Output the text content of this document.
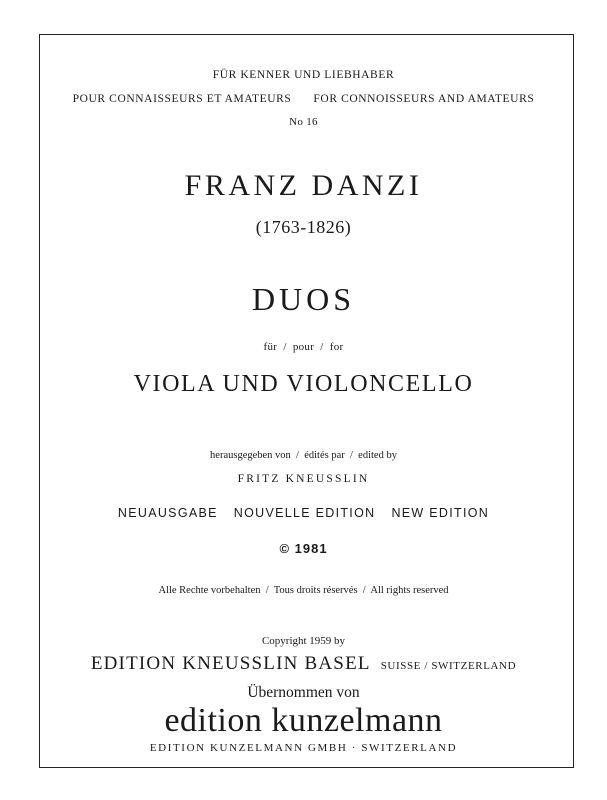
FÜR KENNER UND LIEBHABER
POUR CONNAISSEURS ET AMATEURS FOR CONNOISSEURS AND AMATEURS
No 16
FRANZ DANZI
(1763-1826)
DUOS
für  /  pour  /  for
VIOLA UND VIOLONCELLO
herausgegeben von  /  édités par  /  edited by
FRITZ KNEUSSLIN
NEUAUSGABE NOUVELLE EDITION NEW EDITION
© 1981
Alle Rechte vorbehalten  /  Tous droits réservés  /  All rights reserved
Copyright 1959 by
EDITION KNEUSSLIN BASEL SUISSE / SWITZERLAND
Übernommen von
edition kunzelmann
EDITION KUNZELMANN GMBH · SWITZERLAND
